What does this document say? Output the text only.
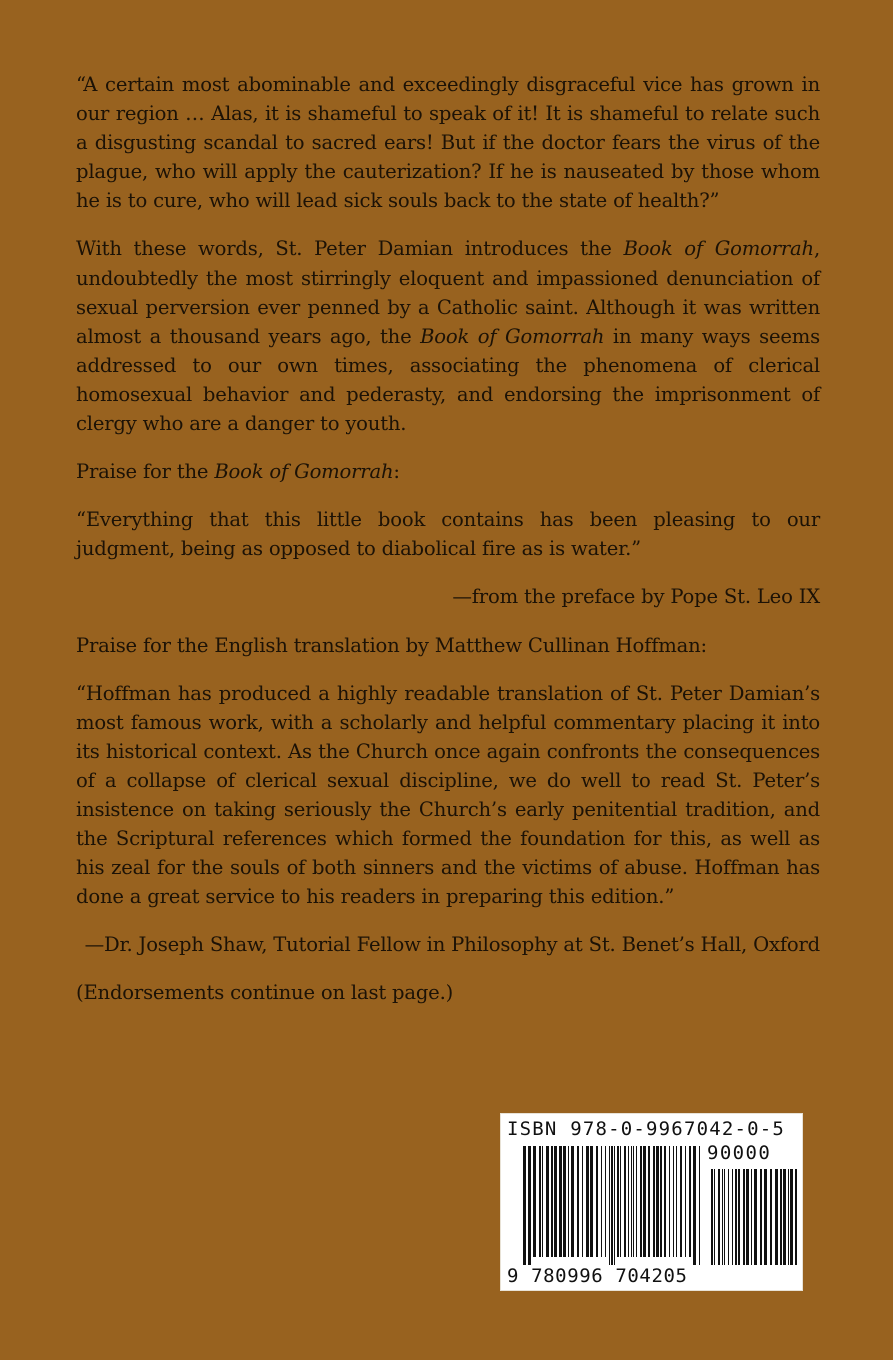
“A certain most abominable and exceedingly disgraceful vice has grown in our region … Alas, it is shameful to speak of it! It is shameful to relate such a disgusting scandal to sacred ears! But if the doctor fears the virus of the plague, who will apply the cauterization? If he is nauseated by those whom he is to cure, who will lead sick souls back to the state of health?”

With these words, St. Peter Damian introduces the Book of Gomorrah, undoubtedly the most stirringly eloquent and impassioned denunciation of sexual perversion ever penned by a Catholic saint. Although it was written almost a thousand years ago, the Book of Gomorrah in many ways seems addressed to our own times, associating the phenomena of clerical homosexual behavior and pederasty, and endorsing the imprisonment of clergy who are a danger to youth.

Praise for the Book of Gomorrah:

“Everything that this little book contains has been pleasing to our judgment, being as opposed to diabolical fire as is water.”

—from the preface by Pope St. Leo IX

Praise for the English translation by Matthew Cullinan Hoffman:

“Hoffman has produced a highly readable translation of St. Peter Damian’s most famous work, with a scholarly and helpful commentary placing it into its historical context. As the Church once again confronts the consequences of a collapse of clerical sexual discipline, we do well to read St. Peter’s insistence on taking seriously the Church’s early penitential tradition, and the Scriptural references which formed the foundation for this, as well as his zeal for the souls of both sinners and the victims of abuse. Hoffman has done a great service to his readers in preparing this edition.”

—Dr. Joseph Shaw, Tutorial Fellow in Philosophy at St. Benet’s Hall, Oxford

(Endorsements continue on last page.)

ISBN 978-0-9967042-0-5
90000
9 780996 704205
